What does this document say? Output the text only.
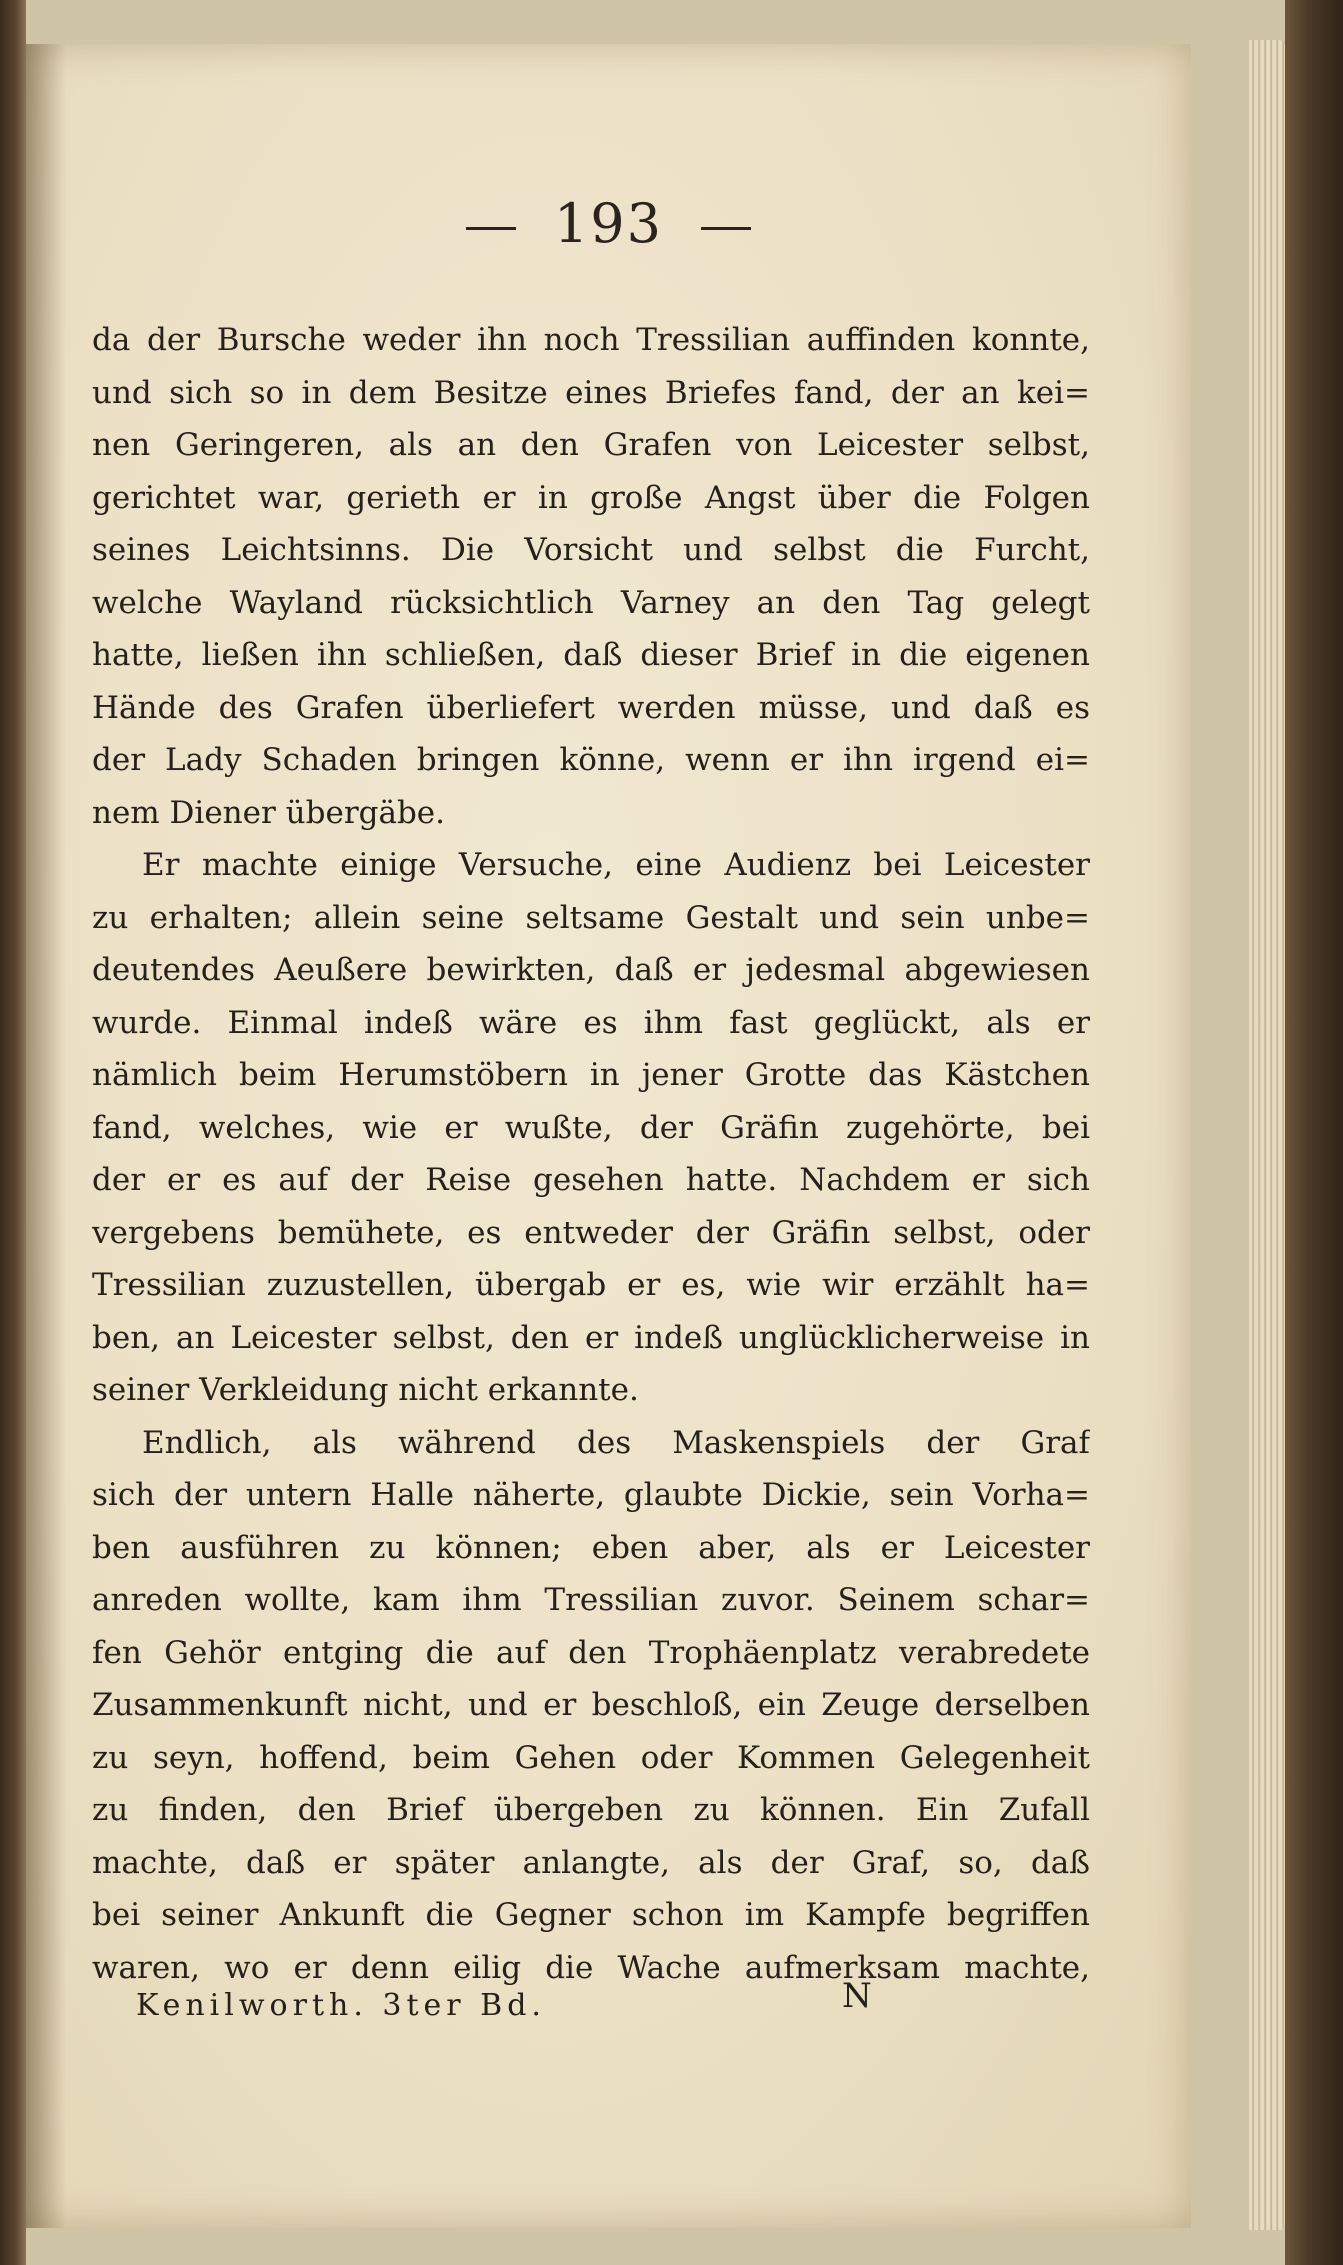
193
da der Bursche weder ihn noch Tressilian auffinden konnte,
und sich so in dem Besitze eines Briefes fand, der an kei=
nen Geringeren, als an den Grafen von Leicester selbst,
gerichtet war, gerieth er in große Angst über die Folgen
seines Leichtsinns. Die Vorsicht und selbst die Furcht,
welche Wayland rücksichtlich Varney an den Tag gelegt
hatte, ließen ihn schließen, daß dieser Brief in die eigenen
Hände des Grafen überliefert werden müsse, und daß es
der Lady Schaden bringen könne, wenn er ihn irgend ei=
nem Diener übergäbe.
Er machte einige Versuche, eine Audienz bei Leicester
zu erhalten; allein seine seltsame Gestalt und sein unbe=
deutendes Aeußere bewirkten, daß er jedesmal abgewiesen
wurde. Einmal indeß wäre es ihm fast geglückt, als er
nämlich beim Herumstöbern in jener Grotte das Kästchen
fand, welches, wie er wußte, der Gräfin zugehörte, bei
der er es auf der Reise gesehen hatte. Nachdem er sich
vergebens bemühete, es entweder der Gräfin selbst, oder
Tressilian zuzustellen, übergab er es, wie wir erzählt ha=
ben, an Leicester selbst, den er indeß unglücklicherweise in
seiner Verkleidung nicht erkannte.
Endlich, als während des Maskenspiels der Graf
sich der untern Halle näherte, glaubte Dickie, sein Vorha=
ben ausführen zu können; eben aber, als er Leicester
anreden wollte, kam ihm Tressilian zuvor. Seinem schar=
fen Gehör entging die auf den Trophäenplatz verabredete
Zusammenkunft nicht, und er beschloß, ein Zeuge derselben
zu seyn, hoffend, beim Gehen oder Kommen Gelegenheit
zu finden, den Brief übergeben zu können. Ein Zufall
machte, daß er später anlangte, als der Graf, so, daß
bei seiner Ankunft die Gegner schon im Kampfe begriffen
waren, wo er denn eilig die Wache aufmerksam machte,
Kenilworth. 3ter Bd.	N
